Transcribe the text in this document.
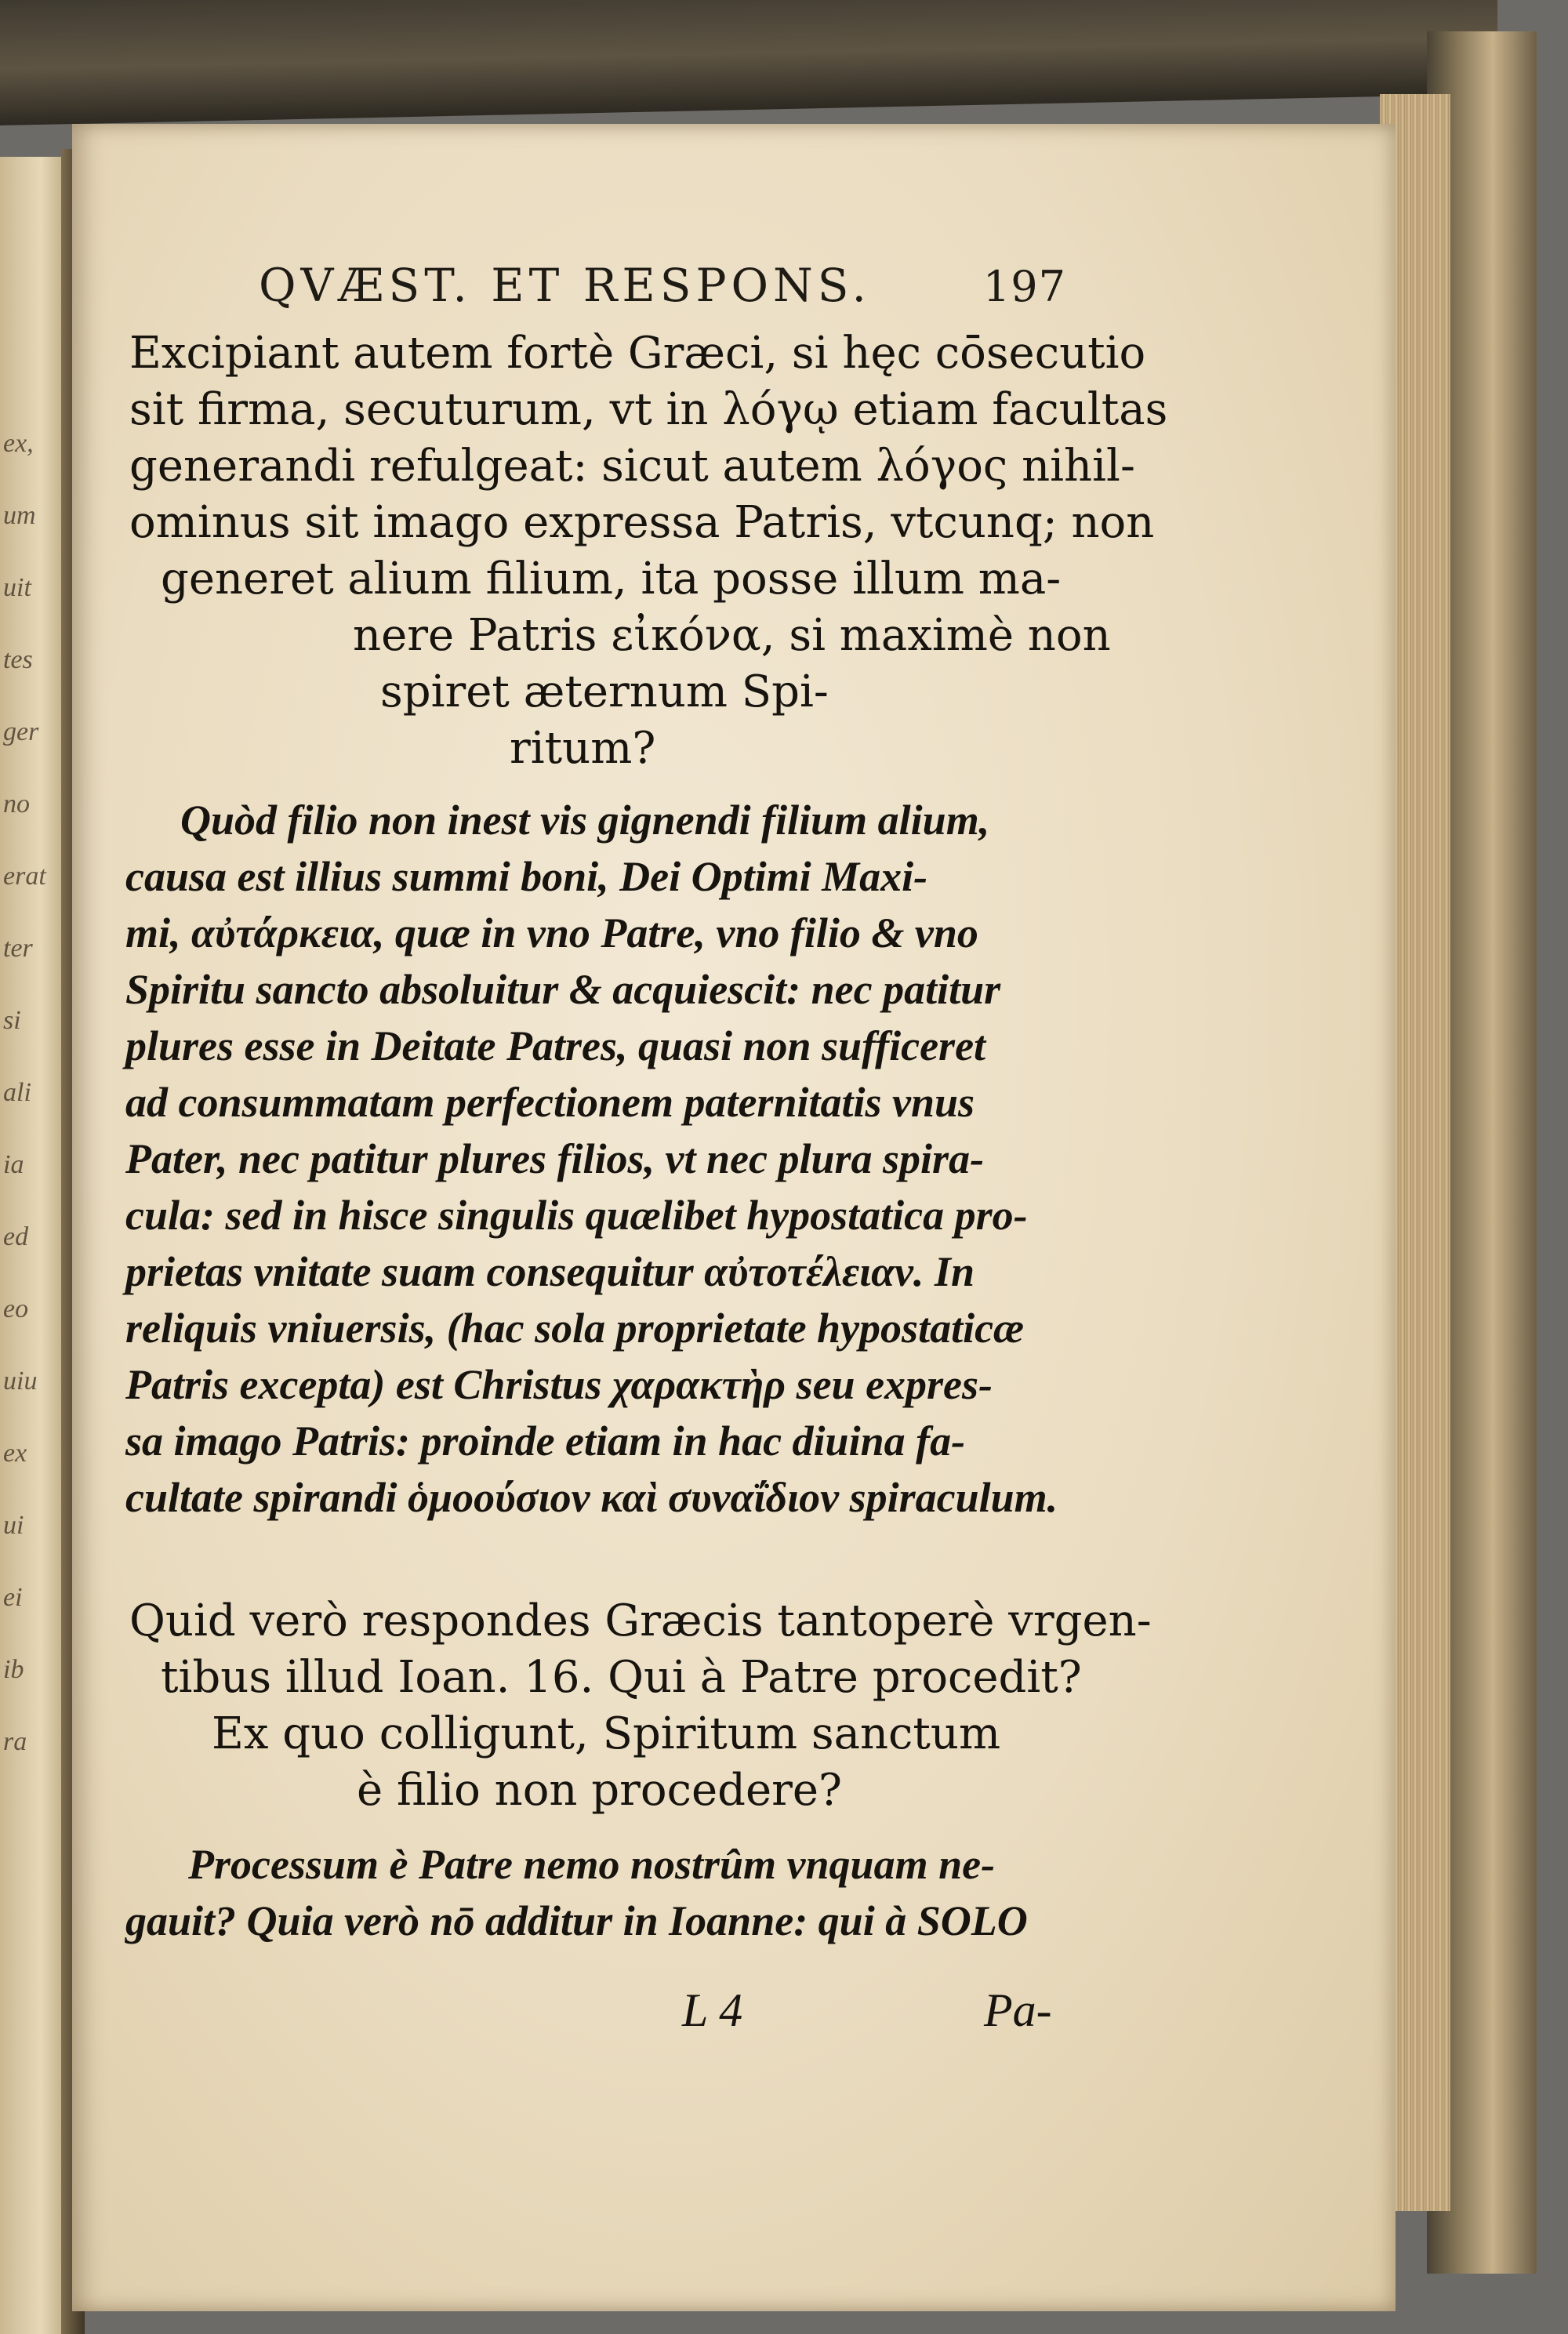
ex,
um
uit
tes
ger
no
erat
ter
si
ali
ia
ed
eo
uiu
ex
ui
ei
ib
ra
QVÆST. ET RESPONS.	197

Excipiant autem fortè Græci, si hęc cōsecutio

sit firma, secuturum, vt in λόγῳ etiam facultas

generandi refulgeat: sicut autem λόγος nihil-

ominus sit imago expressa Patris, vtcunq; non

generet alium filium, ita posse illum ma-

nere Patris εἰκόνα, si maximè non

spiret æternum Spi-

ritum?

Quòd filio non inest vis gignendi filium alium,

causa est illius summi boni, Dei Optimi Maxi-

mi, αὐτάρκεια, quæ in vno Patre, vno filio & vno

Spiritu sancto absoluitur & acquiescit: nec patitur

plures esse in Deitate Patres, quasi non sufficeret

ad consummatam perfectionem paternitatis vnus

Pater, nec patitur plures filios, vt nec plura spira-

cula: sed in hisce singulis quælibet hypostatica pro-

prietas vnitate suam consequitur αὐτοτέλειαν. In

reliquis vniuersis, (hac sola proprietate hypostaticæ

Patris excepta) est Christus χαρακτὴρ seu expres-

sa imago Patris: proinde etiam in hac diuina fa-

cultate spirandi ὁμοούσιον καὶ συναΐδιον spiraculum.

Quid verò respondes Græcis tantoperè vrgen-

tibus illud Ioan. 16. Qui à Patre procedit?

Ex quo colligunt, Spiritum sanctum

è filio non procedere?

Processum è Patre nemo nostrûm vnquam ne-

gauit? Quia verò nō additur in Ioanne: qui à SOLO

L 4	Pa-
